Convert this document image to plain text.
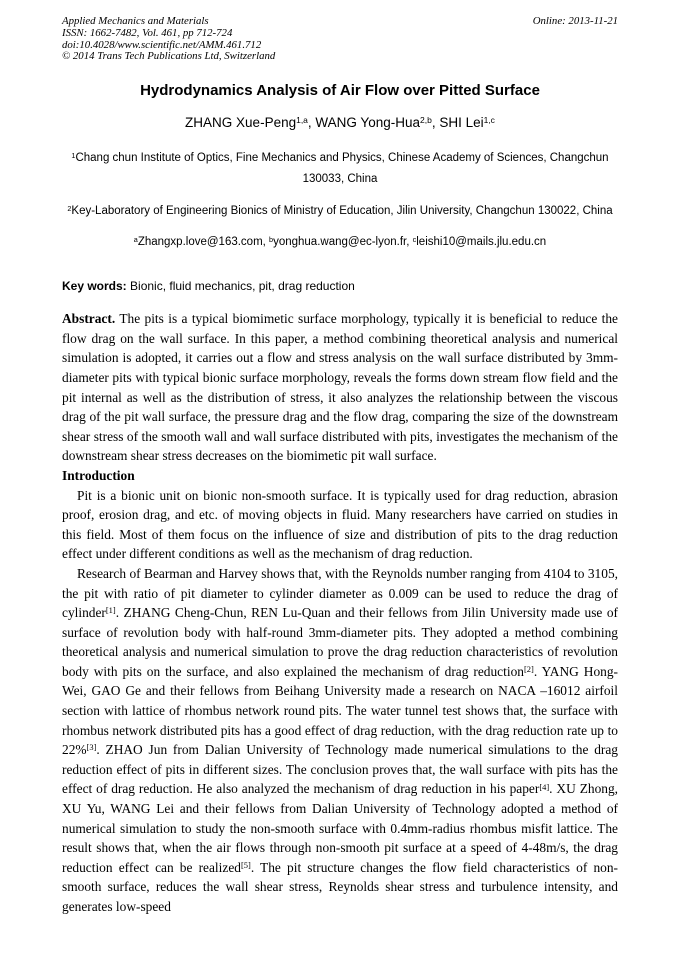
Applied Mechanics and Materials
ISSN: 1662-7482, Vol. 461, pp 712-724
doi:10.4028/www.scientific.net/AMM.461.712
© 2014 Trans Tech Publications Ltd, Switzerland
Online: 2013-11-21
Hydrodynamics Analysis of Air Flow over Pitted Surface
ZHANG Xue-Peng$^{1,a}$, WANG Yong-Hua$^{2,b}$, SHI Lei$^{1,c}$
$^1$Chang chun Institute of Optics, Fine Mechanics and Physics, Chinese Academy of Sciences, Changchun 130033, China
$^2$Key-Laboratory of Engineering Bionics of Ministry of Education, Jilin University, Changchun 130022, China
$^a$Zhangxp.love@163.com, $^b$yonghua.wang@ec-lyon.fr, $^c$leishi10@mails.jlu.edu.cn
Key words: Bionic, fluid mechanics, pit, drag reduction

Abstract. The pits is a typical biomimetic surface morphology, typically it is beneficial to reduce the flow drag on the wall surface. In this paper, a method combining theoretical analysis and numerical simulation is adopted, it carries out a flow and stress analysis on the wall surface distributed by 3mm-diameter pits with typical bionic surface morphology, reveals the forms down stream flow field and the pit internal as well as the distribution of stress, it also analyzes the relationship between the viscous drag of the pit wall surface, the pressure drag and the flow drag, comparing the size of the downstream shear stress of the smooth wall and wall surface distributed with pits, investigates the mechanism of the downstream shear stress decreases on the biomimetic pit wall surface.

Introduction

Pit is a bionic unit on bionic non-smooth surface. It is typically used for drag reduction, abrasion proof, erosion drag, and etc. of moving objects in fluid. Many researchers have carried on studies in this field. Most of them focus on the influence of size and distribution of pits to the drag reduction effect under different conditions as well as the mechanism of drag reduction.

Research of Bearman and Harvey shows that, with the Reynolds number ranging from 4104 to 3105, the pit with ratio of pit diameter to cylinder diameter as 0.009 can be used to reduce the drag of cylinder[1]. ZHANG Cheng-Chun, REN Lu-Quan and their fellows from Jilin University made use of surface of revolution body with half-round 3mm-diameter pits. They adopted a method combining theoretical analysis and numerical simulation to prove the drag reduction characteristics of revolution body with pits on the surface, and also explained the mechanism of drag reduction[2]. YANG Hong-Wei, GAO Ge and their fellows from Beihang University made a research on NACA –16012 airfoil section with lattice of rhombus network round pits. The water tunnel test shows that, the surface with rhombus network distributed pits has a good effect of drag reduction, with the drag reduction rate up to 22%[3]. ZHAO Jun from Dalian University of Technology made numerical simulations to the drag reduction effect of pits in different sizes. The conclusion proves that, the wall surface with pits has the effect of drag reduction. He also analyzed the mechanism of drag reduction in his paper[4]. XU Zhong, XU Yu, WANG Lei and their fellows from Dalian University of Technology adopted a method of numerical simulation to study the non-smooth surface with 0.4mm-radius rhombus misfit lattice. The result shows that, when the air flows through non-smooth pit surface at a speed of 4-48m/s, the drag reduction effect can be realized[5]. The pit structure changes the flow field characteristics of non-smooth surface, reduces the wall shear stress, Reynolds shear stress and turbulence intensity, and generates low-speed
